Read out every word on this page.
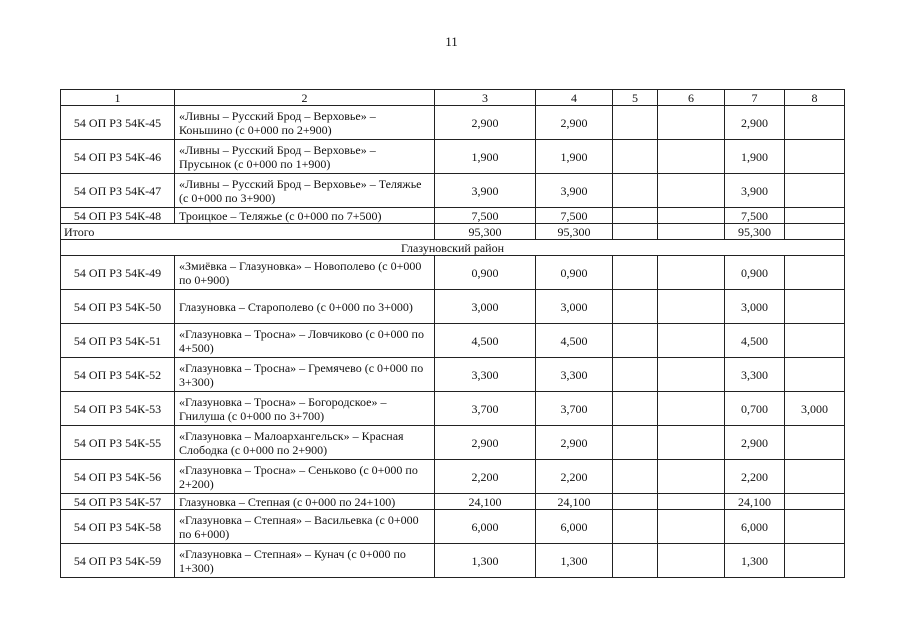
11
1	2	3	4	5	6	7	8
54 ОП РЗ 54К-45	«Ливны – Русский Брод – Верховье» – Коньшино (с 0+000 по 2+900)	2,900	2,900			2,900	
54 ОП РЗ 54К-46	«Ливны – Русский Брод – Верховье» – Прусынок (с 0+000 по 1+900)	1,900	1,900			1,900	
54 ОП РЗ 54К-47	«Ливны – Русский Брод – Верховье» – Теляжье (с 0+000 по 3+900)	3,900	3,900			3,900	
54 ОП РЗ 54К-48	Троицкое – Теляжье (с 0+000 по 7+500)	7,500	7,500			7,500	
Итого		95,300	95,300			95,300	
Глазуновский район							
54 ОП РЗ 54К-49	«Змиёвка – Глазуновка» – Новополево (с 0+000 по 0+900)	0,900	0,900			0,900	
54 ОП РЗ 54К-50	Глазуновка – Старополево (с 0+000 по 3+000)	3,000	3,000			3,000	
54 ОП РЗ 54К-51	«Глазуновка – Тросна» – Ловчиково (с 0+000 по 4+500)	4,500	4,500			4,500	
54 ОП РЗ 54К-52	«Глазуновка – Тросна» – Гремячево (с 0+000 по 3+300)	3,300	3,300			3,300	
54 ОП РЗ 54К-53	«Глазуновка – Тросна» – Богородское» – Гнилуша (с 0+000 по 3+700)	3,700	3,700			0,700	3,000
54 ОП РЗ 54К-55	«Глазуновка – Малоархангельск» – Красная Слободка (с 0+000 по 2+900)	2,900	2,900			2,900	
54 ОП РЗ 54К-56	«Глазуновка – Тросна» – Сеньково (с 0+000 по 2+200)	2,200	2,200			2,200	
54 ОП РЗ 54К-57	Глазуновка – Степная (с 0+000 по 24+100)	24,100	24,100			24,100	
54 ОП РЗ 54К-58	«Глазуновка – Степная» – Васильевка (с 0+000 по 6+000)	6,000	6,000			6,000	
54 ОП РЗ 54К-59	«Глазуновка – Степная» – Кунач (с 0+000 по 1+300)	1,300	1,300			1,300	
